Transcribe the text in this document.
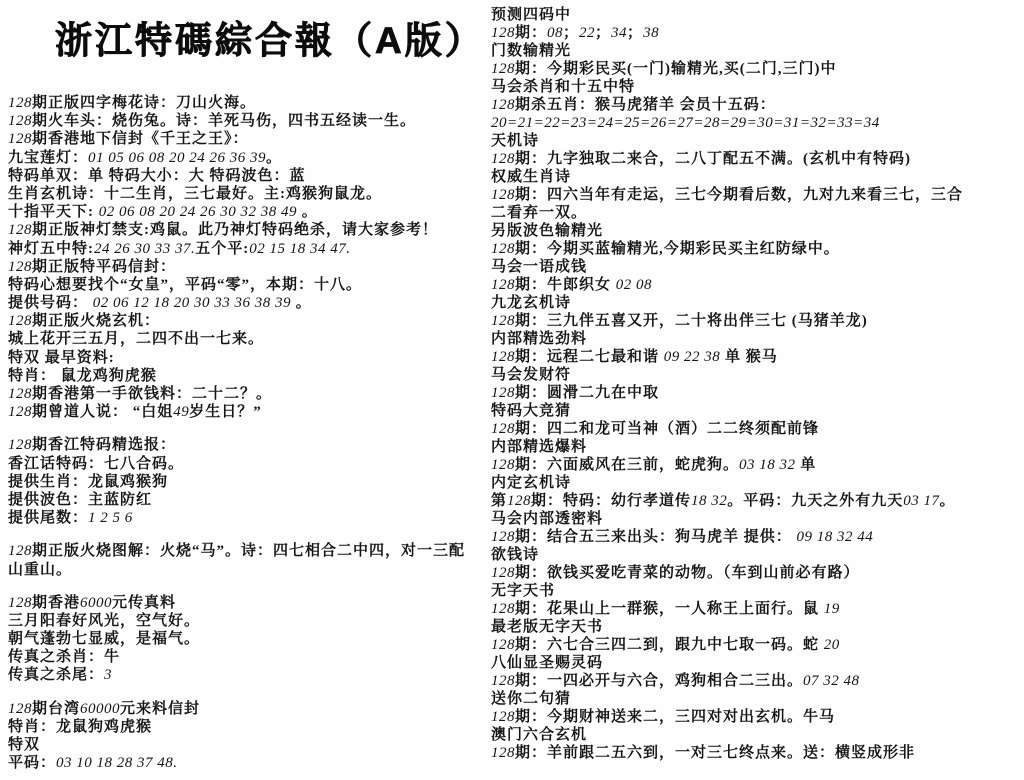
浙江特碼綜合報（A版）
128期正版四字梅花诗：刀山火海。
128期火车头：烧伤兔。诗：羊死马伤，四书五经读一生。
128期香港地下信封《千王之王》：
九宝莲灯：01 05 06 08 20 24 26 36 39。
特码单双：单 特码大小：大 特码波色：蓝
生肖玄机诗：十二生肖，三七最好。主:鸡猴狗鼠龙。
十指平天下: 02 06 08 20 24 26 30 32 38 49 。
128期正版神灯禁支:鸡鼠。此乃神灯特码绝杀，请大家参考！
神灯五中特:24 26 30 33 37.五个平:02 15 18 34 47.
128期正版特平码信封：
特码心想要找个“女皇”，平码“零”，本期：十八。
提供号码： 02 06 12 18 20 30 33 36 38 39 。
128期正版火烧玄机：
城上花开三五月，二四不出一七来。
特双 最早资料:
特肖： 鼠龙鸡狗虎猴
128期香港第一手欲钱料：二十二？。
128期曾道人说： “白姐49岁生日？”
128期香江特码精选报：
香江话特码：七八合码。
提供生肖：龙鼠鸡猴狗
提供波色：主蓝防红
提供尾数：1 2 5 6
128期正版火烧图解：火烧“马”。诗：四七相合二中四，对一三配
山重山。
128期香港6000元传真料
三月阳春好风光，空气好。
朝气蓬勃七显威，是福气。
传真之杀肖：牛
传真之杀尾：3
128期台湾60000元来料信封
特肖：龙鼠狗鸡虎猴
特双
平码：03 10 18 28 37 48.
预测四码中
128期：08；22；34；38
门数输精光
128期：今期彩民买(一门)输精光,买(二门,三门)中
马会杀肖和十五中特
128期杀五肖：猴马虎猪羊 会员十五码：
20=21=22=23=24=25=26=27=28=29=30=31=32=33=34
天机诗
128期：九字独取二来合，二八丁配五不满。(玄机中有特码)
权威生肖诗
128期：四六当年有走运，三七今期看后数，九对九来看三七，三合
二看弃一双。
另版波色输精光
128期：今期买蓝输精光,今期彩民买主红防绿中。
马会一语成钱
128期：牛郎织女 02 08
九龙玄机诗
128期：三九伴五喜又开，二十将出伴三七 (马猪羊龙)
内部精选劲料
128期：远程二七最和谐 09 22 38 单 猴马
马会发财符
128期：圆滑二九在中取
特码大竞猜
128期：四二和龙可当神（酒）二二终须配前锋
内部精选爆料
128期：六面威风在三前，蛇虎狗。03 18 32 单
内定玄机诗
第128期：特码：幼行孝道传18 32。平码：九天之外有九天03 17。
马会内部透密料
128期：结合五三来出头：狗马虎羊 提供： 09 18 32 44
欲钱诗
128期：欲钱买爱吃青菜的动物。（车到山前必有路）
无字天书
128期：花果山上一群猴，一人称王上面行。鼠 19
最老版无字天书
128期：六七合三四二到，跟九中七取一码。蛇 20
八仙显圣赐灵码
128期：一四必开与六合，鸡狗相合二三出。07 32 48
送你二句猜
128期：今期财神送来二，三四对对出玄机。牛马
澳门六合玄机
128期：羊前跟二五六到，一对三七终点来。送：横竖成形非
